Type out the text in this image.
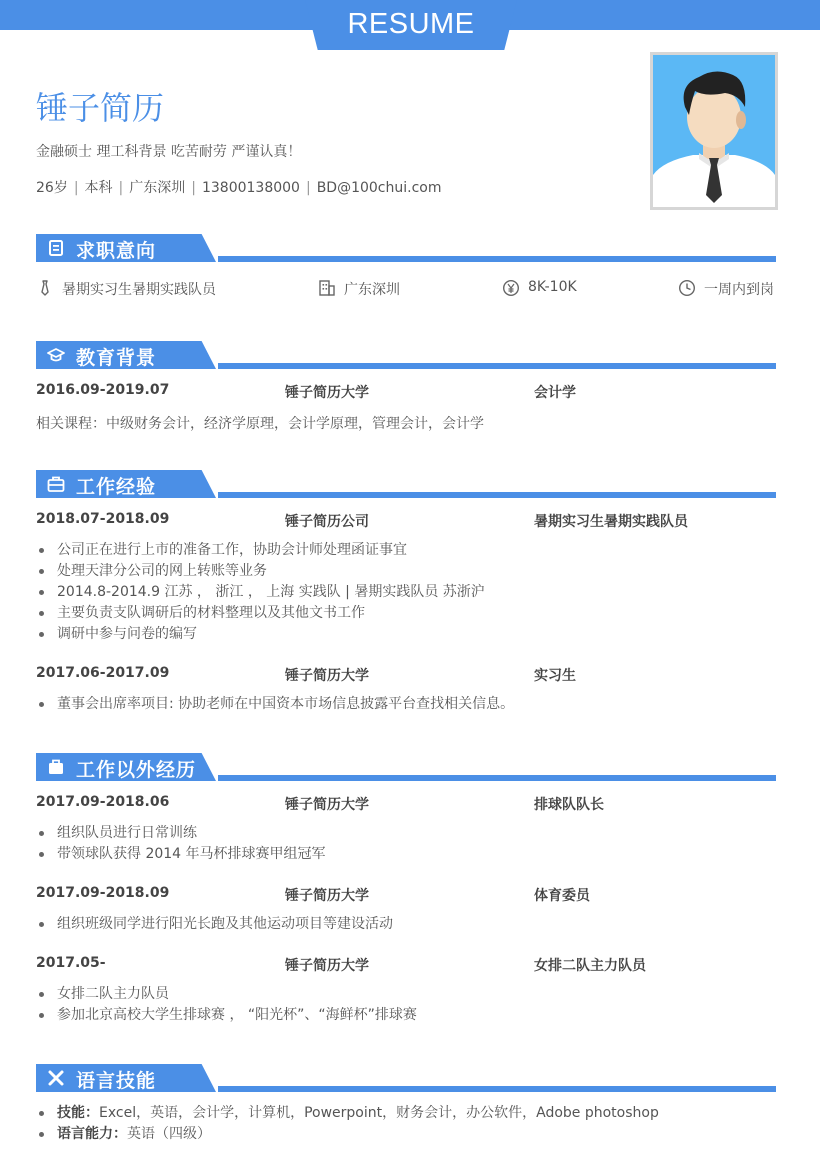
RESUME
锤子简历
金融硕士 理工科背景 吃苦耐劳 严谨认真！
26岁 | 本科 | 广东深圳 | 13800138000 | BD@100chui.com
求职意向
暑期实习生暑期实践队员	广东深圳	8K-10K	一周内到岗
教育背景
2016.09-2019.07	锤子简历大学	会计学
相关课程：中级财务会计，经济学原理，会计学原理，管理会计，会计学
工作经验
2018.07-2018.09	锤子简历公司	暑期实习生暑期实践队员
公司正在进行上市的准备工作，协助会计师处理函证事宜
处理天津分公司的网上转账等业务
2014.8-2014.9 江苏 ， 浙江 ， 上海 实践队 | 暑期实践队员 苏浙沪
主要负责支队调研后的材料整理以及其他文书工作
调研中参与问卷的编写
2017.06-2017.09	锤子简历大学	实习生
董事会出席率项目: 协助老师在中国资本市场信息披露平台查找相关信息。
工作以外经历
2017.09-2018.06	锤子简历大学	排球队队长
组织队员进行日常训练
带领球队获得 2014 年马杯排球赛甲组冠军
2017.09-2018.09	锤子简历大学	体育委员
组织班级同学进行阳光长跑及其他运动项目等建设活动
2017.05-	锤子简历大学	女排二队主力队员
女排二队主力队员
参加北京高校大学生排球赛 ， “阳光杯”、“海鲜杯”排球赛
语言技能
技能：Excel，英语，会计学，计算机，Powerpoint，财务会计，办公软件，Adobe photoshop
语言能力：英语（四级）
